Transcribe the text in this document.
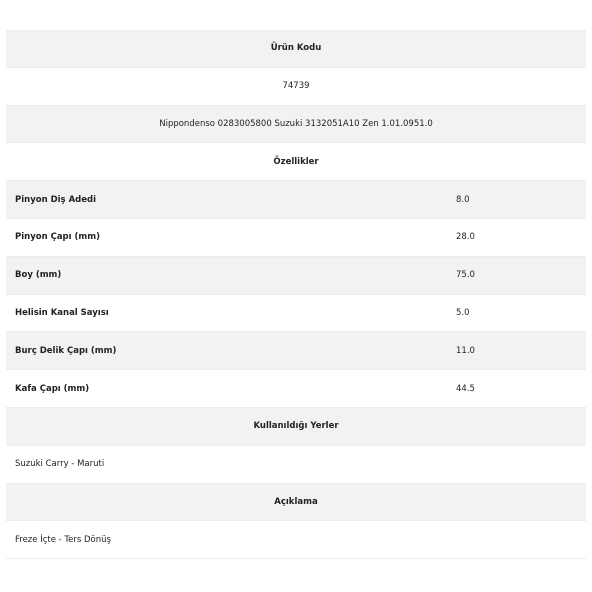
Ürün Kodu
74739
Nippondenso 0283005800 Suzuki 3132051A10 Zen 1.01.0951.0
Özellikler
Pinyon Diş Adedi	8.0
Pinyon Çapı (mm)	28.0
Boy (mm)	75.0
Helisin Kanal Sayısı	5.0
Burç Delik Çapı (mm)	11.0
Kafa Çapı (mm)	44.5
Kullanıldığı Yerler
Suzuki Carry - Maruti
Açıklama
Freze İçte - Ters Dönüş
